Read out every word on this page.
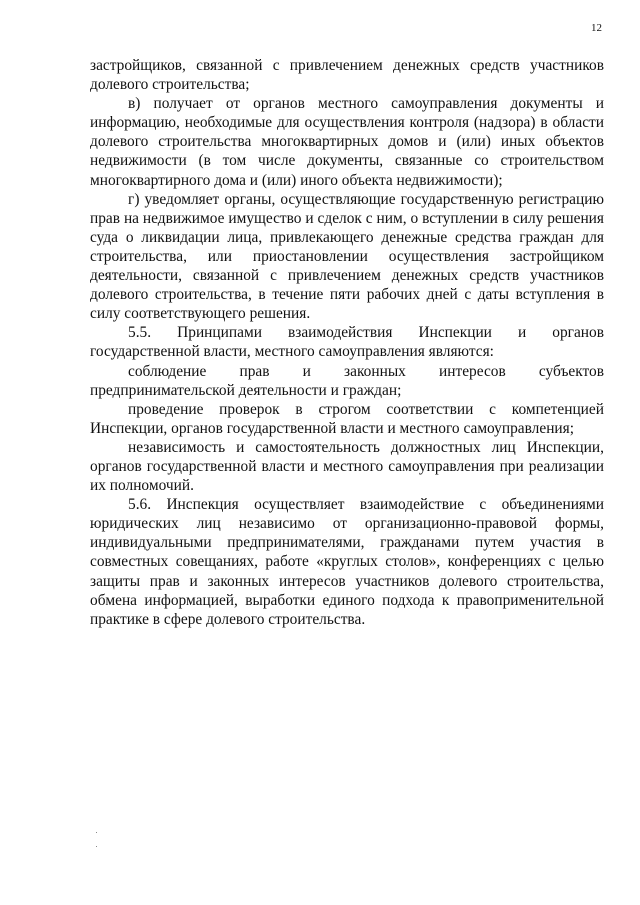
12

застройщиков, связанной с привлечением денежных средств участников долевого строительства;

в) получает от органов местного самоуправления документы и информацию, необходимые для осуществления контроля (надзора) в области долевого строительства многоквартирных домов и (или) иных объектов недвижимости (в том числе документы, связанные со строительством многоквартирного дома и (или) иного объекта недвижимости);

г) уведомляет органы, осуществляющие государственную регистрацию прав на недвижимое имущество и сделок с ним, о вступлении в силу решения суда о ликвидации лица, привлекающего денежные средства граждан для строительства, или приостановлении осуществления застройщиком деятельности, связанной с привлечением денежных средств участников долевого строительства, в течение пяти рабочих дней с даты вступления в силу соответствующего решения.

5.5. Принципами взаимодействия Инспекции и органов государственной власти, местного самоуправления являются:

соблюдение прав и законных интересов субъектов предпринимательской деятельности и граждан;

проведение проверок в строгом соответствии с компетенцией Инспекции, органов государственной власти и местного самоуправления;

независимость и самостоятельность должностных лиц Инспекции, органов государственной власти и местного самоуправления при реализации их полномочий.

5.6. Инспекция осуществляет взаимодействие с объединениями юридических лиц независимо от организационно-правовой формы, индивидуальными предпринимателями, гражданами путем участия в совместных совещаниях, работе «круглых столов», конференциях с целью защиты прав и законных интересов участников долевого строительства, обмена информацией, выработки единого подхода к правоприменительной практике в сфере долевого строительства.
